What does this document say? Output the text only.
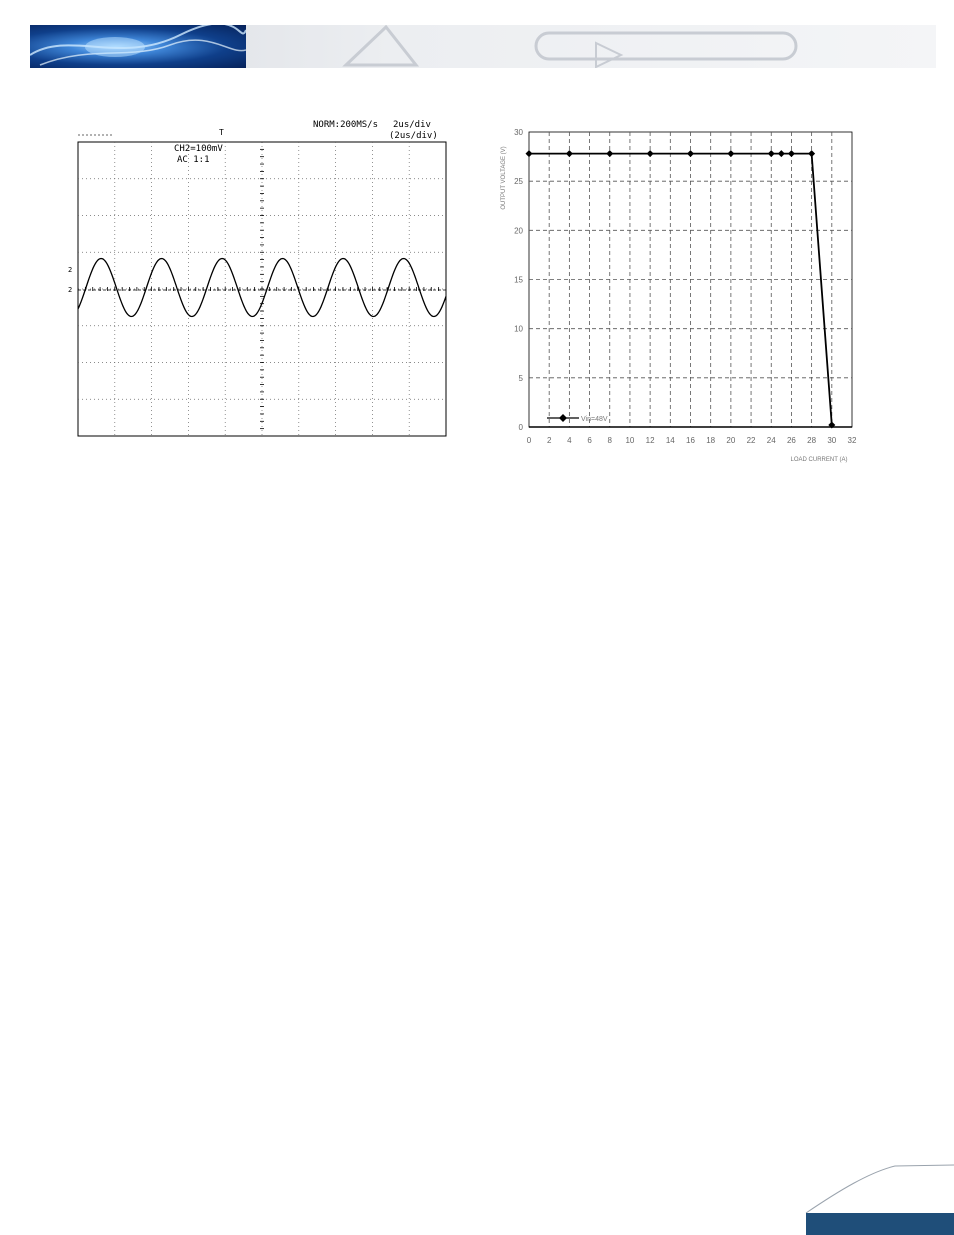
NORM:200MS/s 2us/div
(2us/div)
T
CH2=100mV
AC 1:1
2
2
0 2 4 6 8 10 12 14 16 18 20 22 24 26 28 30 32
0
5
10
15
20
25
30
Vin=48V
LOAD CURRENT (A)
OUTPUT VOLTAGE (V)
